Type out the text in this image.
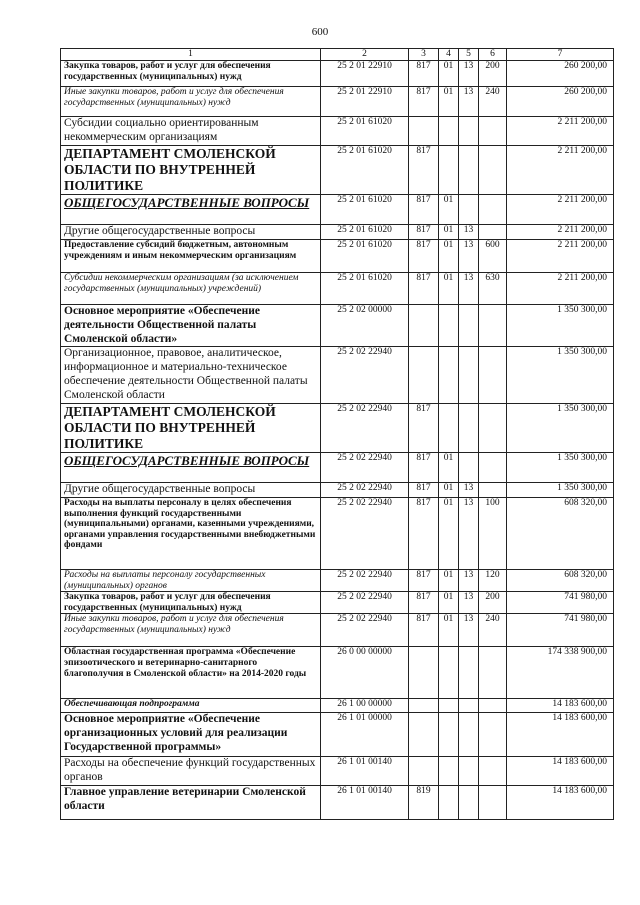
600
1	2	3	4	5	6	7
Закупка товаров, работ и услуг для обеспечения государственных (муниципальных) нужд	25 2 01 22910	817	01	13	200	260 200,00
Иные закупки товаров, работ и услуг для обеспечения государственных (муниципальных) нужд	25 2 01 22910	817	01	13	240	260 200,00
Субсидии социально ориентированным некоммерческим организациям	25 2 01 61020					2 211 200,00
ДЕПАРТАМЕНТ СМОЛЕНСКОЙ ОБЛАСТИ ПО ВНУТРЕННЕЙ ПОЛИТИКЕ	25 2 01 61020	817				2 211 200,00
ОБЩЕГОСУДАРСТВЕННЫЕ ВОПРОСЫ	25 2 01 61020	817	01			2 211 200,00
Другие общегосударственные вопросы	25 2 01 61020	817	01	13		2 211 200,00
Предоставление субсидий бюджетным, автономным учреждениям и иным некоммерческим организациям	25 2 01 61020	817	01	13	600	2 211 200,00
Субсидии некоммерческим организациям (за исключением государственных (муниципальных) учреждений)	25 2 01 61020	817	01	13	630	2 211 200,00
Основное мероприятие «Обеспечение деятельности Общественной палаты Смоленской области»	25 2 02 00000					1 350 300,00
Организационное, правовое, аналитическое, информационное и материально-техническое обеспечение деятельности Общественной палаты Смоленской области	25 2 02 22940					1 350 300,00
ДЕПАРТАМЕНТ СМОЛЕНСКОЙ ОБЛАСТИ ПО ВНУТРЕННЕЙ ПОЛИТИКЕ	25 2 02 22940	817				1 350 300,00
ОБЩЕГОСУДАРСТВЕННЫЕ ВОПРОСЫ	25 2 02 22940	817	01			1 350 300,00
Другие общегосударственные вопросы	25 2 02 22940	817	01	13		1 350 300,00
Расходы на выплаты персоналу в целях обеспечения выполнения функций государственными (муниципальными) органами, казенными учреждениями, органами управления государственными внебюджетными фондами	25 2 02 22940	817	01	13	100	608 320,00
Расходы на выплаты персоналу государственных (муниципальных) органов	25 2 02 22940	817	01	13	120	608 320,00
Закупка товаров, работ и услуг для обеспечения государственных (муниципальных) нужд	25 2 02 22940	817	01	13	200	741 980,00
Иные закупки товаров, работ и услуг для обеспечения государственных (муниципальных) нужд	25 2 02 22940	817	01	13	240	741 980,00
Областная государственная программа «Обеспечение эпизоотического и ветеринарно-санитарного благополучия в Смоленской области» на 2014-2020 годы	26 0 00 00000					174 338 900,00
Обеспечивающая подпрограмма	26 1 00 00000					14 183 600,00
Основное мероприятие «Обеспечение организационных условий для реализации Государственной программы»	26 1 01 00000					14 183 600,00
Расходы на обеспечение функций государственных органов	26 1 01 00140					14 183 600,00
Главное управление ветеринарии Смоленской области	26 1 01 00140	819				14 183 600,00
